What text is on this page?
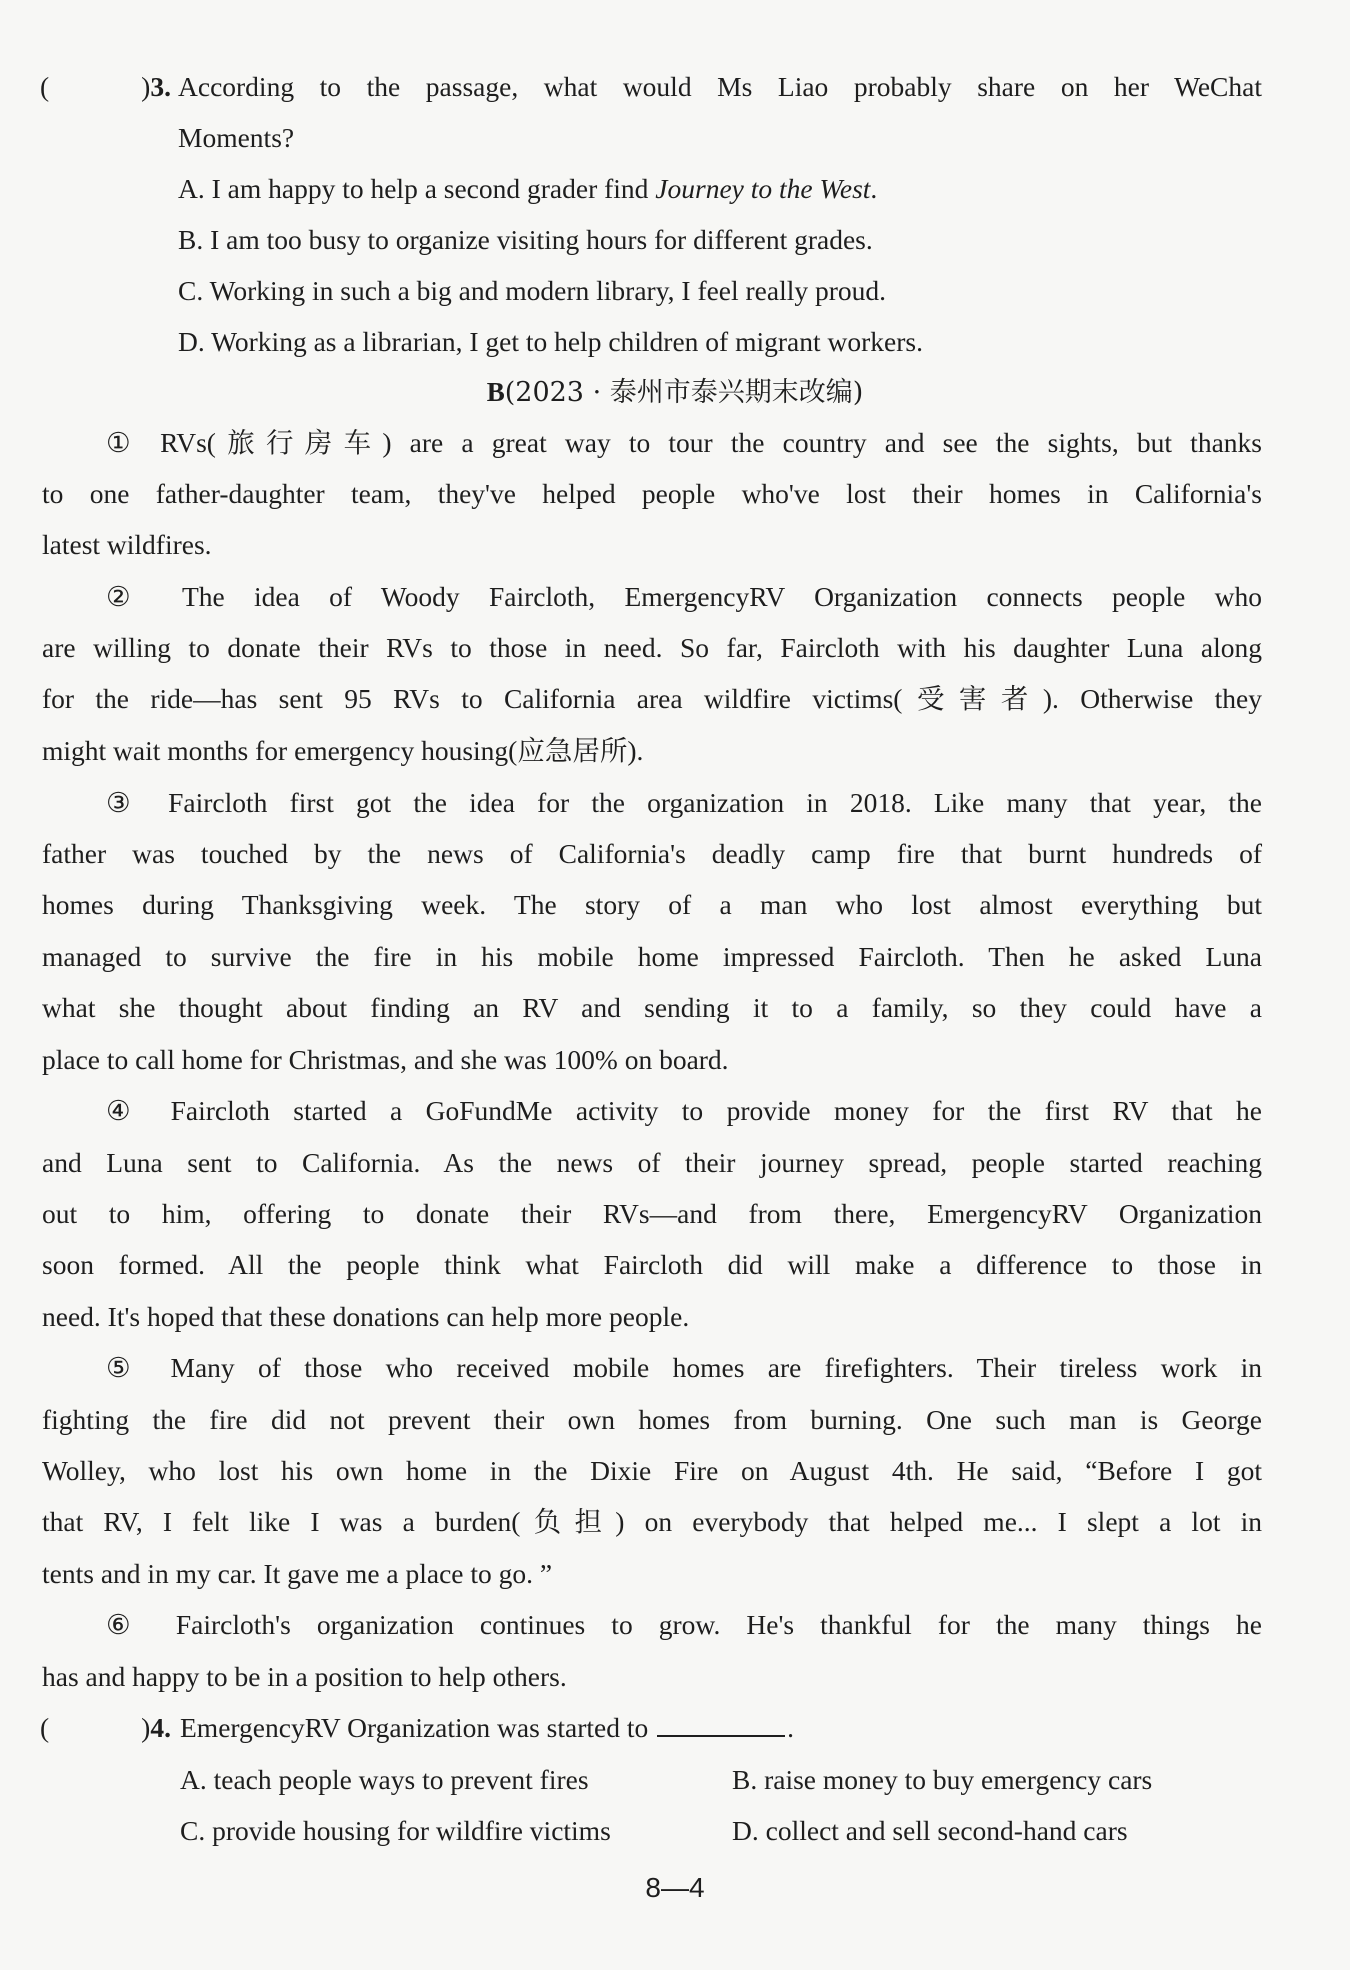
(	)3. According to the passage, what would Ms Liao probably share on her WeChat
Moments?
A. I am happy to help a second grader find Journey to the West.
B. I am too busy to organize visiting hours for different grades.
C. Working in such a big and modern library, I feel really proud.
D. Working as a librarian, I get to help children of migrant workers.
B(2023 · 泰州市泰兴期末改编)
① RVs(旅行房车) are a great way to tour the country and see the sights, but thanks
to one father-daughter team, they've helped people who've lost their homes in California's
latest wildfires.
② The idea of Woody Faircloth, EmergencyRV Organization connects people who
are willing to donate their RVs to those in need. So far, Faircloth with his daughter Luna along
for the ride—has sent 95 RVs to California area wildfire victims(受害者). Otherwise they
might wait months for emergency housing(应急居所).
③ Faircloth first got the idea for the organization in 2018. Like many that year, the
father was touched by the news of California's deadly camp fire that burnt hundreds of
homes during Thanksgiving week. The story of a man who lost almost everything but
managed to survive the fire in his mobile home impressed Faircloth. Then he asked Luna
what she thought about finding an RV and sending it to a family, so they could have a
place to call home for Christmas, and she was 100% on board.
④ Faircloth started a GoFundMe activity to provide money for the first RV that he
and Luna sent to California. As the news of their journey spread, people started reaching
out to him, offering to donate their RVs—and from there, EmergencyRV Organization
soon formed. All the people think what Faircloth did will make a difference to those in
need. It's hoped that these donations can help more people.
⑤ Many of those who received mobile homes are firefighters. Their tireless work in
fighting the fire did not prevent their own homes from burning. One such man is George
Wolley, who lost his own home in the Dixie Fire on August 4th. He said, “Before I got
that RV, I felt like I was a burden(负担) on everybody that helped me... I slept a lot in
tents and in my car. It gave me a place to go. ”
⑥ Faircloth's organization continues to grow. He's thankful for the many things he
has and happy to be in a position to help others.
(	)4. EmergencyRV Organization was started to	.
A. teach people ways to prevent fires	B. raise money to buy emergency cars
C. provide housing for wildfire victims	D. collect and sell second-hand cars
8—4
